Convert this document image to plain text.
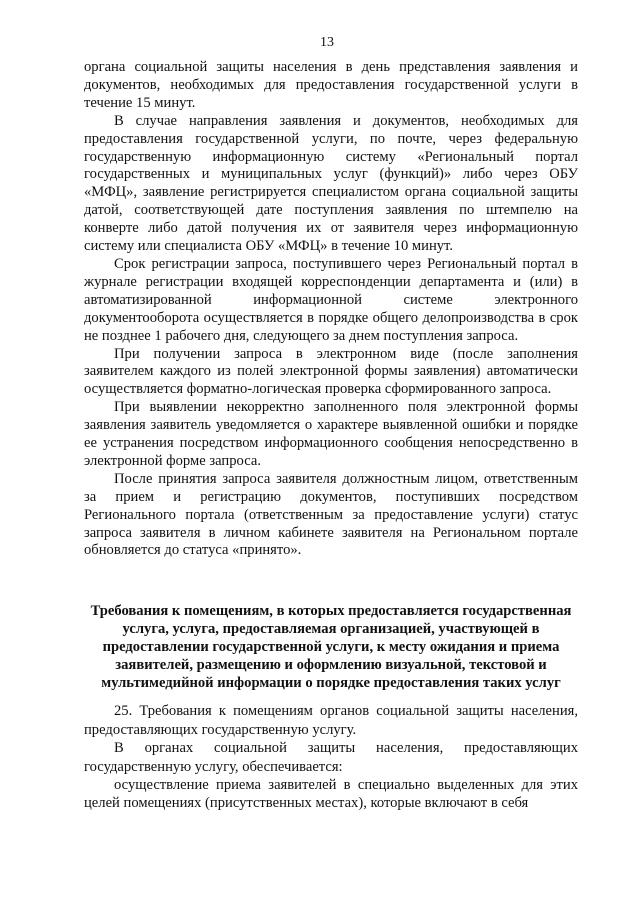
13

органа социальной защиты населения в день представления заявления и документов, необходимых для предоставления государственной услуги в течение 15 минут.

В случае направления заявления и документов, необходимых для предоставления государственной услуги, по почте, через федеральную государственную информационную систему «Региональный портал государственных и муниципальных услуг (функций)» либо через ОБУ «МФЦ», заявление регистрируется специалистом органа социальной защиты датой, соответствующей дате поступления заявления по штемпелю на конверте либо датой получения их от заявителя через информационную систему или специалиста ОБУ «МФЦ» в течение 10 минут.

Срок регистрации запроса, поступившего через Региональный портал в журнале регистрации входящей корреспонденции департамента и (или) в автоматизированной информационной системе электронного документооборота осуществляется в порядке общего делопроизводства в срок не позднее 1 рабочего дня, следующего за днем поступления запроса.

При получении запроса в электронном виде (после заполнения заявителем каждого из полей электронной формы заявления) автоматически осуществляется форматно-логическая проверка сформированного запроса.

При выявлении некорректно заполненного поля электронной формы заявления заявитель уведомляется о характере выявленной ошибки и порядке ее устранения посредством информационного сообщения непосредственно в электронной форме запроса.

После принятия запроса заявителя должностным лицом, ответственным за прием и регистрацию документов, поступивших посредством Регионального портала (ответственным за предоставление услуги) статус запроса заявителя в личном кабинете заявителя на Региональном портале обновляется до статуса «принято».

Требования к помещениям, в которых предоставляется государственная услуга, услуга, предоставляемая организацией, участвующей в предоставлении государственной услуги, к месту ожидания и приема заявителей, размещению и оформлению визуальной, текстовой и мультимедийной информации о порядке предоставления таких услуг

25. Требования к помещениям органов социальной защиты населения, предоставляющих государственную услугу.

В органах социальной защиты населения, предоставляющих государственную услугу, обеспечивается:

осуществление приема заявителей в специально выделенных для этих целей помещениях (присутственных местах), которые включают в себя
